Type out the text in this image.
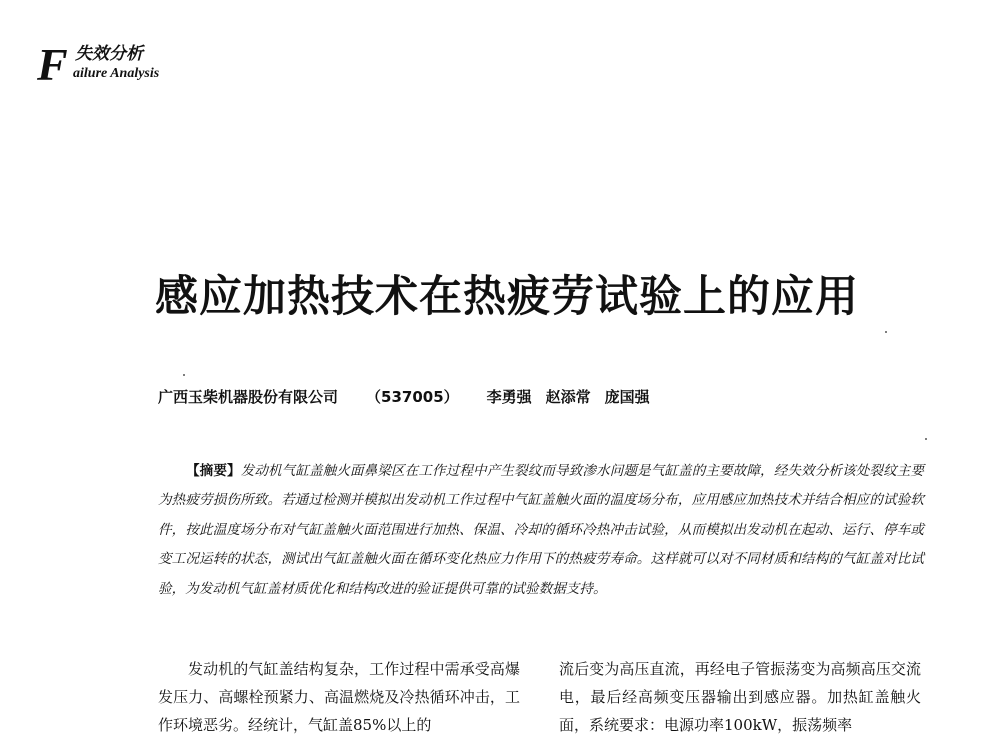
F 失效分析
ailure Analysis
感应加热技术在热疲劳试验上的应用
广西玉柴机器股份有限公司 （537005） 李勇强 赵添常 庞国强
【摘要】发动机气缸盖触火面鼻梁区在工作过程中产生裂纹而导致渗水问题是气缸盖的主要故障，经失效分析该处裂纹主要为热疲劳损伤所致。若通过检测并模拟出发动机工作过程中气缸盖触火面的温度场分布，应用感应加热技术并结合相应的试验软件，按此温度场分布对气缸盖触火面范围进行加热、保温、冷却的循环冷热冲击试验，从而模拟出发动机在起动、运行、停车或变工况运转的状态，测试出气缸盖触火面在循环变化热应力作用下的热疲劳寿命。这样就可以对不同材质和结构的气缸盖对比试验，为发动机气缸盖材质优化和结构改进的验证提供可靠的试验数据支持。
发动机的气缸盖结构复杂，工作过程中需承受高爆发压力、高螺栓预紧力、高温燃烧及冷热循环冲击，工作环境恶劣。经统计，气缸盖85%以上的
流后变为高压直流，再经电子管振荡变为高频高压交流电，最后经高频变压器输出到感应器。加热缸盖触火面，系统要求：电源功率100kW，振荡频率
